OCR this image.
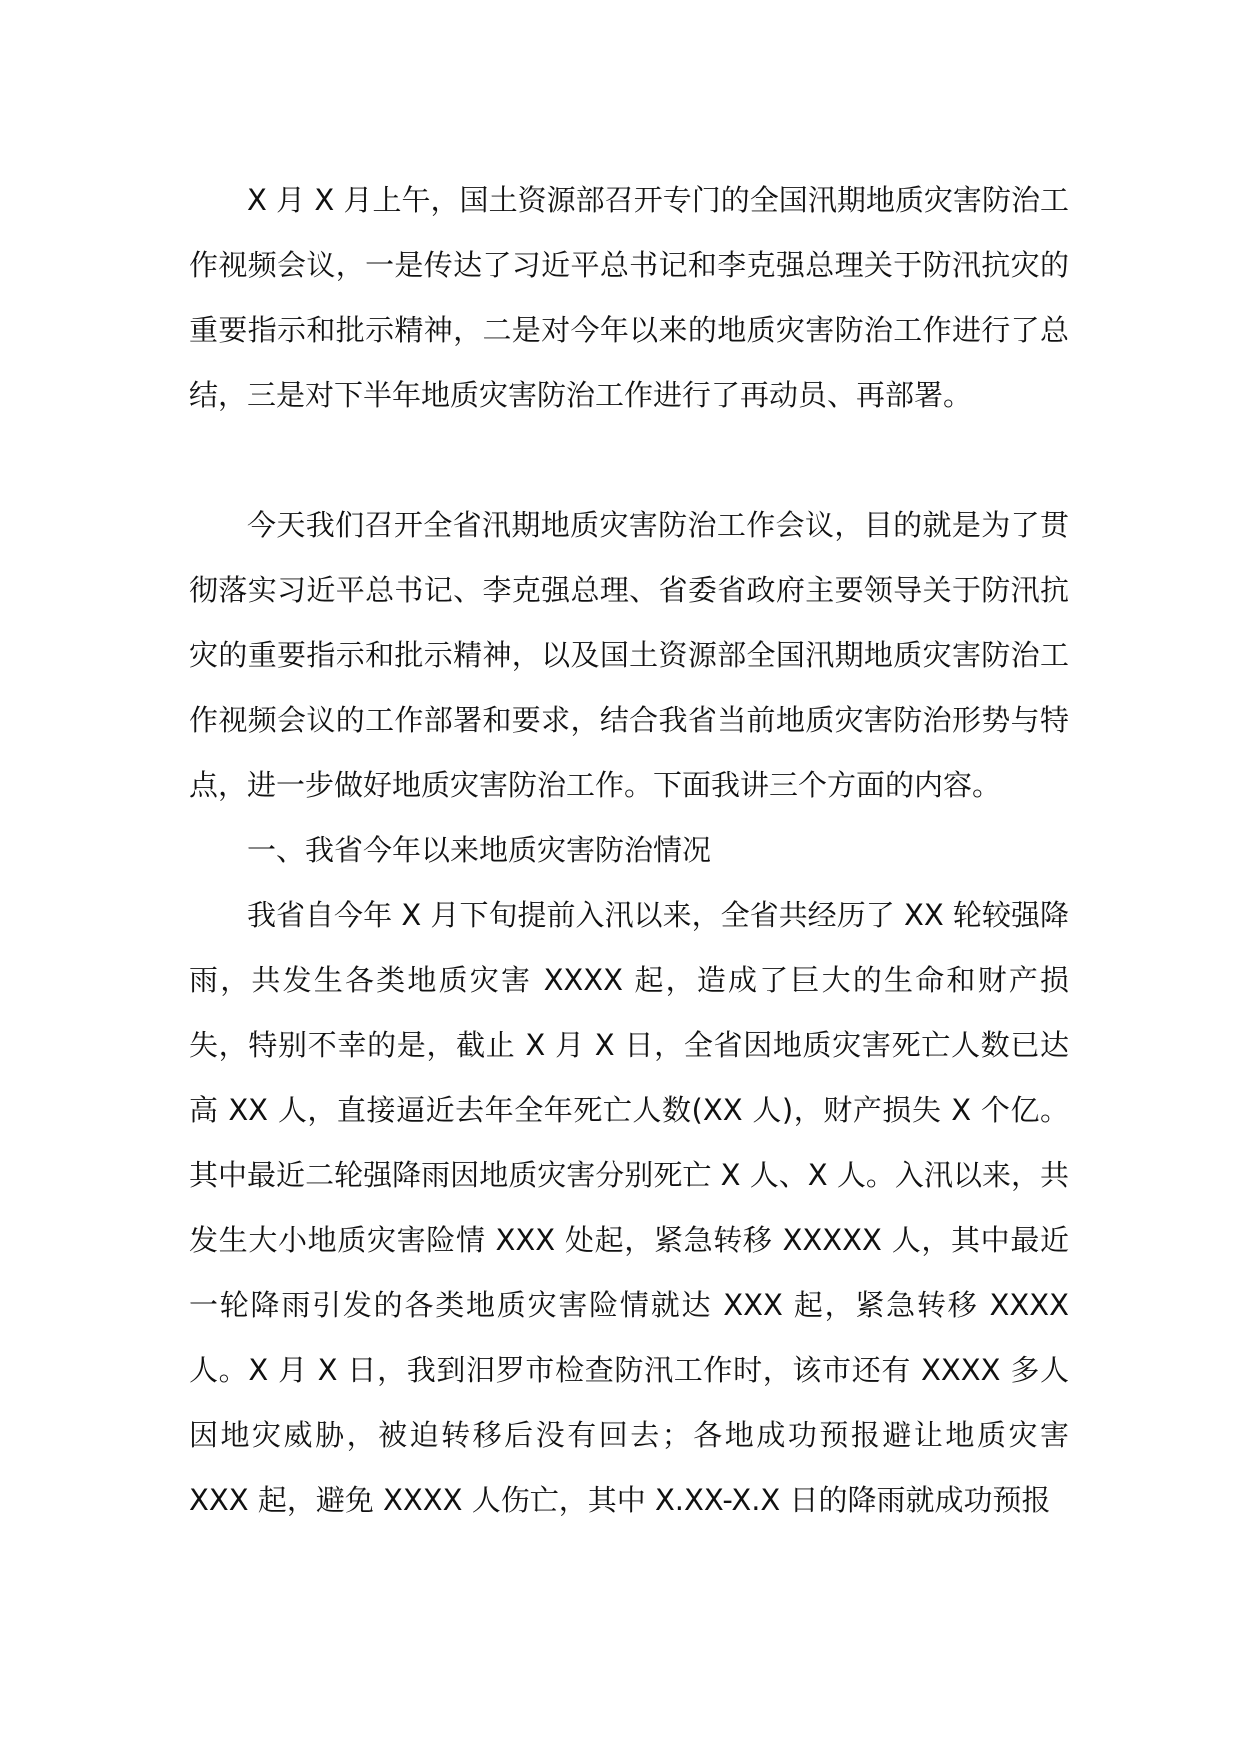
X 月 X 月上午，国土资源部召开专门的全国汛期地质灾害防治工作视频会议，一是传达了习近平总书记和李克强总理关于防汛抗灾的重要指示和批示精神，二是对今年以来的地质灾害防治工作进行了总结，三是对下半年地质灾害防治工作进行了再动员、再部署。

今天我们召开全省汛期地质灾害防治工作会议，目的就是为了贯彻落实习近平总书记、李克强总理、省委省政府主要领导关于防汛抗灾的重要指示和批示精神，以及国土资源部全国汛期地质灾害防治工作视频会议的工作部署和要求，结合我省当前地质灾害防治形势与特点，进一步做好地质灾害防治工作。下面我讲三个方面的内容。

一、我省今年以来地质灾害防治情况

我省自今年 X 月下旬提前入汛以来，全省共经历了 XX 轮较强降雨，共发生各类地质灾害 XXXX 起，造成了巨大的生命和财产损失，特别不幸的是，截止 X 月 X 日，全省因地质灾害死亡人数已达高 XX 人，直接逼近去年全年死亡人数(XX 人)，财产损失 X 个亿。其中最近二轮强降雨因地质灾害分别死亡 X 人、X 人。入汛以来，共发生大小地质灾害险情 XXX 处起，紧急转移 XXXXX 人，其中最近一轮降雨引发的各类地质灾害险情就达 XXX 起，紧急转移 XXXX 人。X 月 X 日，我到汨罗市检查防汛工作时，该市还有 XXXX 多人因地灾威胁，被迫转移后没有回去；各地成功预报避让地质灾害 XXX 起，避免 XXXX 人伤亡，其中 X.XX-X.X 日的降雨就成功预报
